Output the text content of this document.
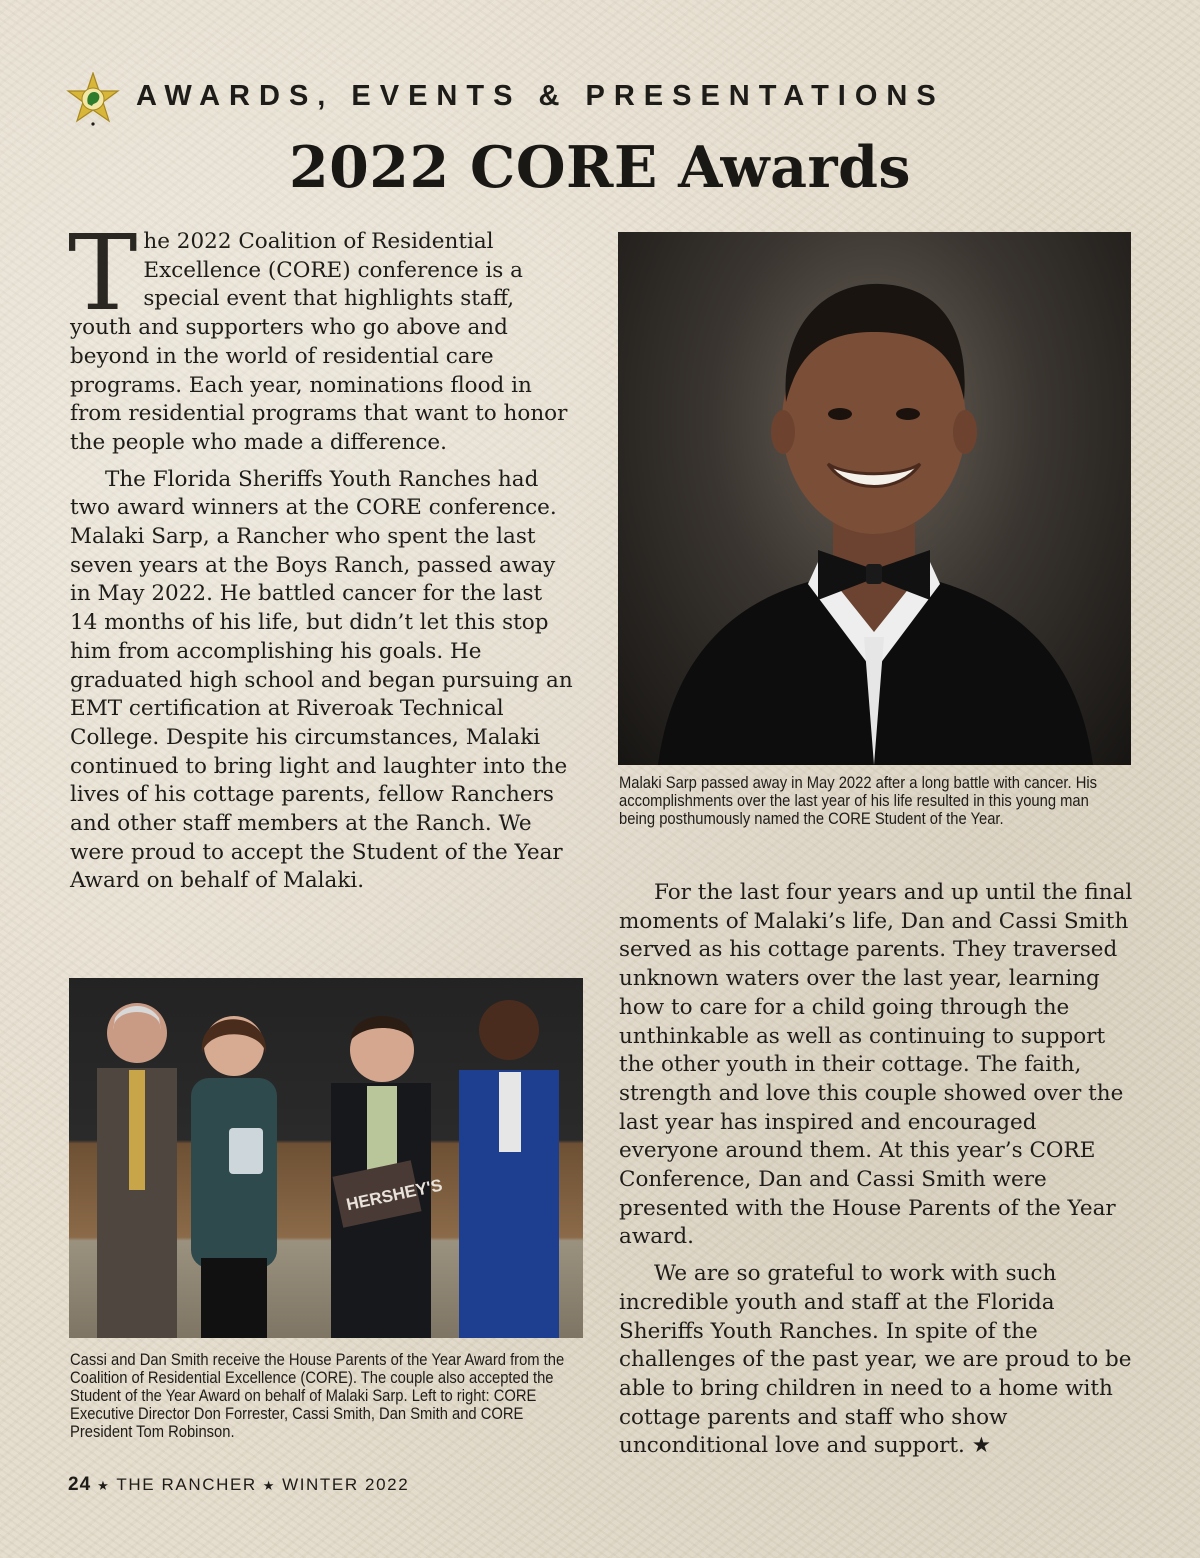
AWARDS, EVENTS & PRESENTATIONS
2022 CORE Awards

The 2022 Coalition of Residential Excellence (CORE) conference is a special event that highlights staff, youth and supporters who go above and beyond in the world of residential care programs. Each year, nominations flood in from residential programs that want to honor the people who made a difference.

The Florida Sheriffs Youth Ranches had two award winners at the CORE conference. Malaki Sarp, a Rancher who spent the last seven years at the Boys Ranch, passed away in May 2022. He battled cancer for the last 14 months of his life, but didn’t let this stop him from accomplishing his goals. He graduated high school and began pursuing an EMT certification at Riveroak Technical College. Despite his circumstances, Malaki continued to bring light and laughter into the lives of his cottage parents, fellow Ranchers and other staff members at the Ranch. We were proud to accept the Student of the Year Award on behalf of Malaki.

Malaki Sarp passed away in May 2022 after a long battle with cancer. His accomplishments over the last year of his life resulted in this young man being posthumously named the CORE Student of the Year.
HERSHEY'S
Cassi and Dan Smith receive the House Parents of the Year Award from the Coalition of Residential Excellence (CORE). The couple also accepted the Student of the Year Award on behalf of Malaki Sarp. Left to right: CORE Executive Director Don Forrester, Cassi Smith, Dan Smith and CORE President Tom Robinson.

For the last four years and up until the final moments of Malaki’s life, Dan and Cassi Smith served as his cottage parents. They traversed unknown waters over the last year, learning how to care for a child going through the unthinkable as well as continuing to support the other youth in their cottage. The faith, strength and love this couple showed over the last year has inspired and encouraged everyone around them. At this year’s CORE Conference, Dan and Cassi Smith were presented with the House Parents of the Year award.

We are so grateful to work with such incredible youth and staff at the Florida Sheriffs Youth Ranches. In spite of the challenges of the past year, we are proud to be able to bring children in need to a home with cottage parents and staff who show unconditional love and support. ★

24 ★ THE RANCHER ★ WINTER 2022
